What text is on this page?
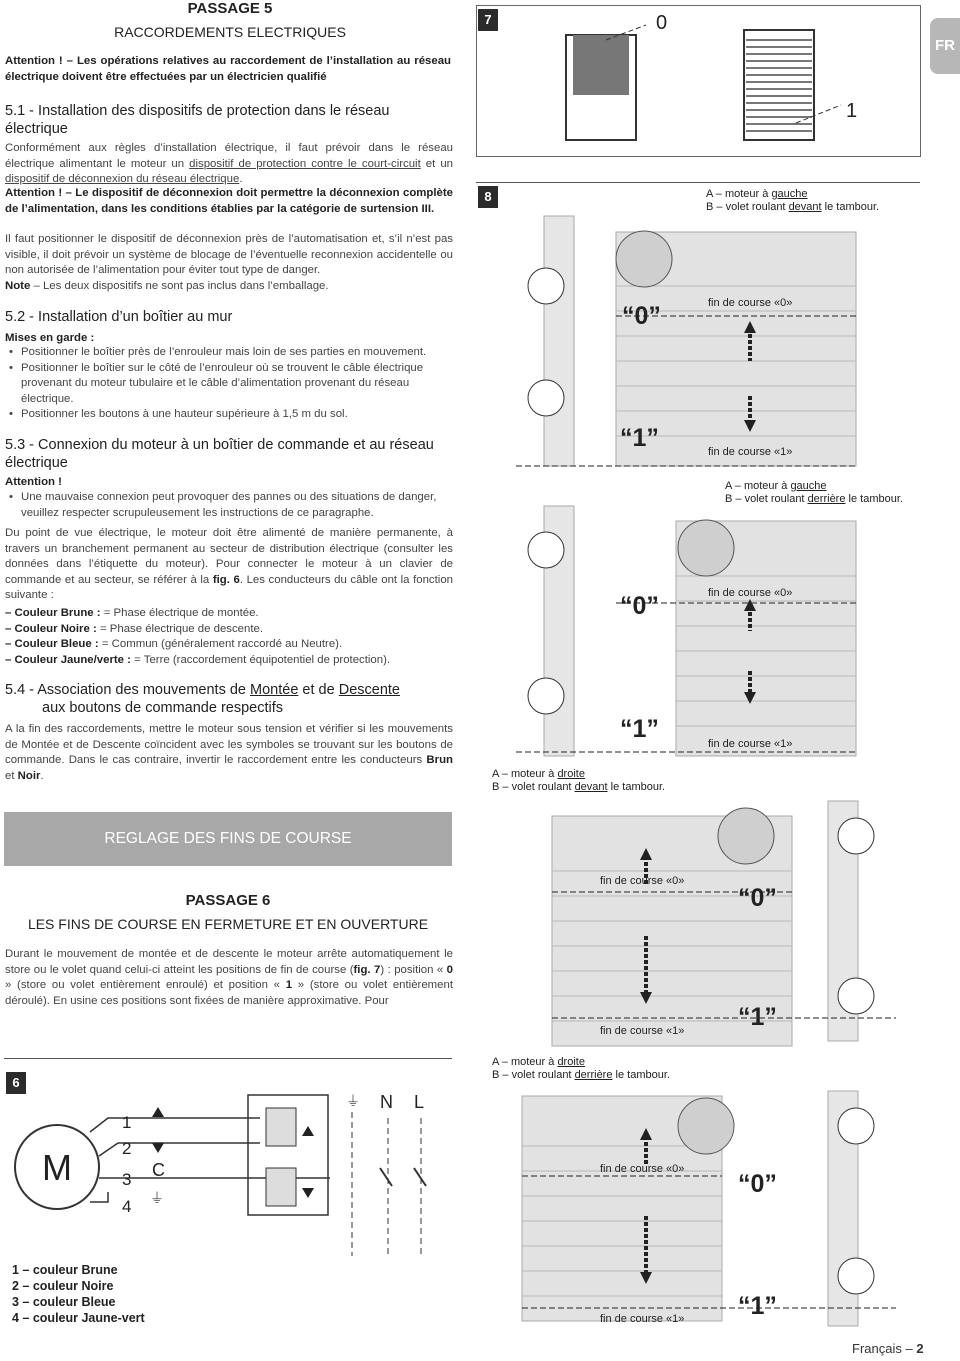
PASSAGE 5
RACCORDEMENTS ELECTRIQUES
Attention ! – Les opérations relatives au raccordement de l’installation au réseau électrique doivent être effectuées par un électricien qualifié
5.1 - Installation des dispositifs de protection dans le réseau électrique
Conformément aux règles d’installation électrique, il faut prévoir dans le réseau électrique alimentant le moteur un dispositif de protection contre le court-circuit et un dispositif de déconnexion du réseau électrique.
Attention ! – Le dispositif de déconnexion doit permettre la déconnexion complète de l’alimentation, dans les conditions établies par la catégorie de surtension III.
Il faut positionner le dispositif de déconnexion près de l’automatisation et, s’il n’est pas visible, il doit prévoir un système de blocage de l’éventuelle reconnexion accidentelle ou non autorisée de l’alimentation pour éviter tout type de danger.
Note – Les deux dispositifs ne sont pas inclus dans l’emballage.
5.2 - Installation d’un boîtier au mur
Mises en garde :
• Positionner le boîtier près de l’enrouleur mais loin de ses parties en mouvement.
• Positionner le boîtier sur le côté de l’enrouleur où se trouvent le câble électrique provenant du moteur tubulaire et le câble d’alimentation provenant du réseau électrique.
• Positionner les boutons à une hauteur supérieure à 1,5 m du sol.
5.3 - Connexion du moteur à un boîtier de commande et au réseau électrique
Attention !
• Une mauvaise connexion peut provoquer des pannes ou des situations de danger, veuillez respecter scrupuleusement les instructions de ce paragraphe.
Du point de vue électrique, le moteur doit être alimenté de manière permanente, à travers un branchement permanent au secteur de distribution électrique (consulter les données dans l’étiquette du moteur). Pour connecter le moteur à un clavier de commande et au secteur, se référer à la fig. 6. Les conducteurs du câble ont la fonction suivante :
– Couleur Brune : = Phase électrique de montée.
– Couleur Noire : = Phase électrique de descente.
– Couleur Bleue : = Commun (généralement raccordé au Neutre).
– Couleur Jaune/verte : = Terre (raccordement équipotentiel de protection).
5.4 - Association des mouvements de Montée et de Descente
aux boutons de commande respectifs
A la fin des raccordements, mettre le moteur sous tension et vérifier si les mouvements de Montée et de Descente coïncident avec les symboles se trouvant sur les boutons de commande. Dans le cas contraire, invertir le raccordement entre les conducteurs Brun et Noir.
REGLAGE DES FINS DE COURSE
PASSAGE 6
LES FINS DE COURSE EN FERMETURE ET EN OUVERTURE
Durant le mouvement de montée et de descente le moteur arrête automatiquement le store ou le volet quand celui-ci atteint les positions de fin de course (fig. 7) : position « 0 » (store ou volet entièrement enroulé) et position « 1 » (store ou volet entièrement déroulé). En usine ces positions sont fixées de manière approximative. Pour
6
M
1
2
3
4
C
⏚
⏚ N L
1 – couleur Brune
2 – couleur Noire
3 – couleur Bleue
4 – couleur Jaune-vert
FR
7	0
1
8	A – moteur à gauche
B – volet roulant devant le tambour.
fin de course «0»
“0”
“1”	fin de course «1»
A – moteur à gauche
B – volet roulant derrière le tambour.
fin de course «0»
“0”
“1”
fin de course «1»
A – moteur à droite
B – volet roulant devant le tambour.
fin de course «0»
“0”
“1”
fin de course «1»
A – moteur à droite
B – volet roulant derrière le tambour.
fin de course «0»
“0”
“1”
fin de course «1»
Français – 2
